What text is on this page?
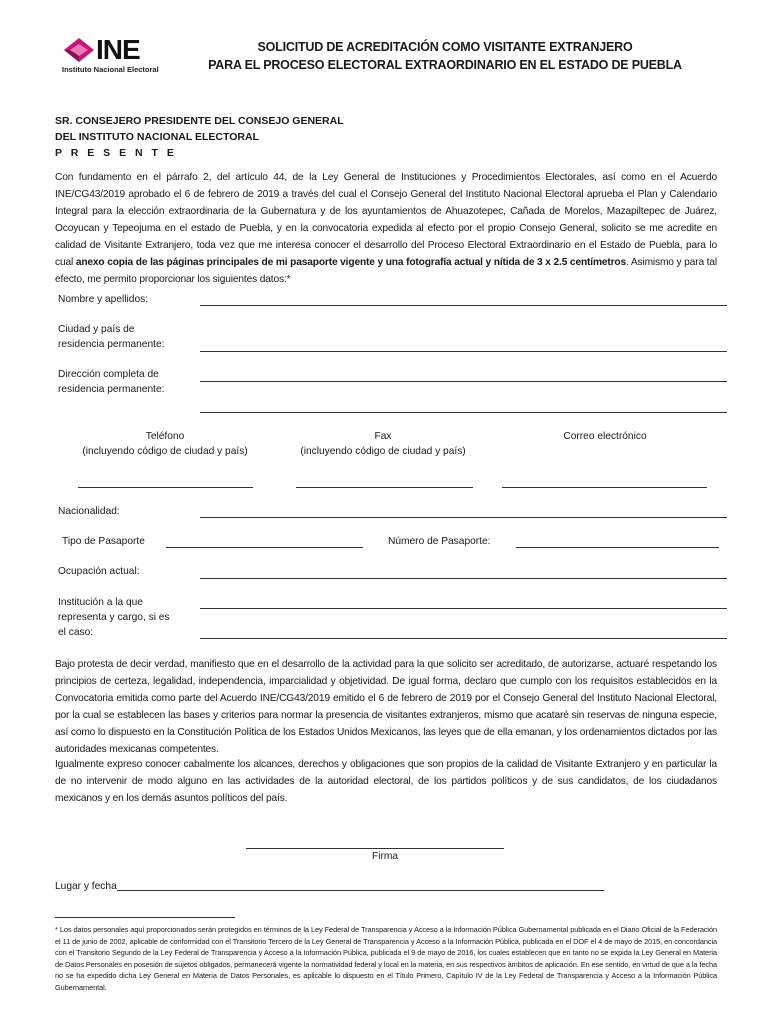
INE
Instituto Nacional Electoral
SOLICITUD DE ACREDITACIÓN COMO VISITANTE EXTRANJERO
PARA EL PROCESO ELECTORAL EXTRAORDINARIO EN EL ESTADO DE PUEBLA
SR. CONSEJERO PRESIDENTE DEL CONSEJO GENERAL
DEL INSTITUTO NACIONAL ELECTORAL
P R E S E N T E
Con fundamento en el párrafo 2, del artículo 44, de la Ley General de Instituciones y Procedimientos Electorales, así como en el Acuerdo INE/CG43/2019 aprobado el 6 de febrero de 2019 a través del cual el Consejo General del Instituto Nacional Electoral aprueba el Plan y Calendario Integral para la elección extraordinaria de la Gubernatura y de los ayuntamientos de Ahuazotepec, Cañada de Morelos, Mazapiltepec de Juárez, Ocoyucan y Tepeojuma en el estado de Puebla, y en la convocatoria expedida al efecto por el propio Consejo General, solicito se me acredite en calidad de Visitante Extranjero, toda vez que me interesa conocer el desarrollo del Proceso Electoral Extraordinario en el Estado de Puebla, para lo cual anexo copia de las páginas principales de mi pasaporte vigente y una fotografía actual y nítida de 3 x 2.5 centímetros. Asimismo y para tal efecto, me permito proporcionar los siguientes datos:*
Nombre y apellidos:
Ciudad y país de
residencia permanente:
Dirección completa de
residencia permanente:
Teléfono
(incluyendo código de ciudad y país)
Fax
(incluyendo código de ciudad y país)
Correo electrónico
Nacionalidad:
Tipo de Pasaporte	Número de Pasaporte:
Ocupación actual:
Institución a la que
representa y cargo, si es
el caso:
Bajo protesta de decir verdad, manifiesto que en el desarrollo de la actividad para la que solicito ser acreditado, de autorizarse, actuaré respetando los principios de certeza, legalidad, independencia, imparcialidad y objetividad. De igual forma, declaro que cumplo con los requisitos establecidos en la Convocatoria emitida como parte del Acuerdo INE/CG43/2019 emitido el 6 de febrero de 2019 por el Consejo General del Instituto Nacional Electoral, por la cual se establecen las bases y criterios para normar la presencia de visitantes extranjeros, mismo que acataré sin reservas de ninguna especie, así como lo dispuesto en la Constitución Política de los Estados Unidos Mexicanos, las leyes que de ella emanan, y los ordenamientos dictados por las autoridades mexicanas competentes.
Igualmente expreso conocer cabalmente los alcances, derechos y obligaciones que son propios de la calidad de Visitante Extranjero y en particular la de no intervenir de modo alguno en las actividades de la autoridad electoral, de los partidos políticos y de sus candidatos, de los ciudadanos mexicanos y en los demás asuntos políticos del país.
Firma
Lugar y fecha
* Los datos personales aquí proporcionados serán protegidos en términos de la Ley Federal de Transparencia y Acceso a la Información Pública Gubernamental publicada en el Diario Oficial de la Federación el 11 de junio de 2002, aplicable de conformidad con el Transitorio Tercero de la Ley General de Transparencia y Acceso a la Información Pública, publicada en el DOF el 4 de mayo de 2015, en concordancia con el Transitorio Segundo de la Ley Federal de Transparencia y Acceso a la Información Pública, publicada el 9 de mayo de 2016, los cuales establecen que en tanto no se expida la Ley General en Materia de Datos Personales en posesión de sujetos obligados, permanecerá vigente la normatividad federal y local en la materia, en sus respectivos ámbitos de aplicación. En ese sentido, en virtud de que a la fecha no se ha expedido dicha Ley General en Materia de Datos Personales, es aplicable lo dispuesto en el Título Primero, Capítulo IV de la Ley Federal de Transparencia y Acceso a la Información Pública Gubernamental.
